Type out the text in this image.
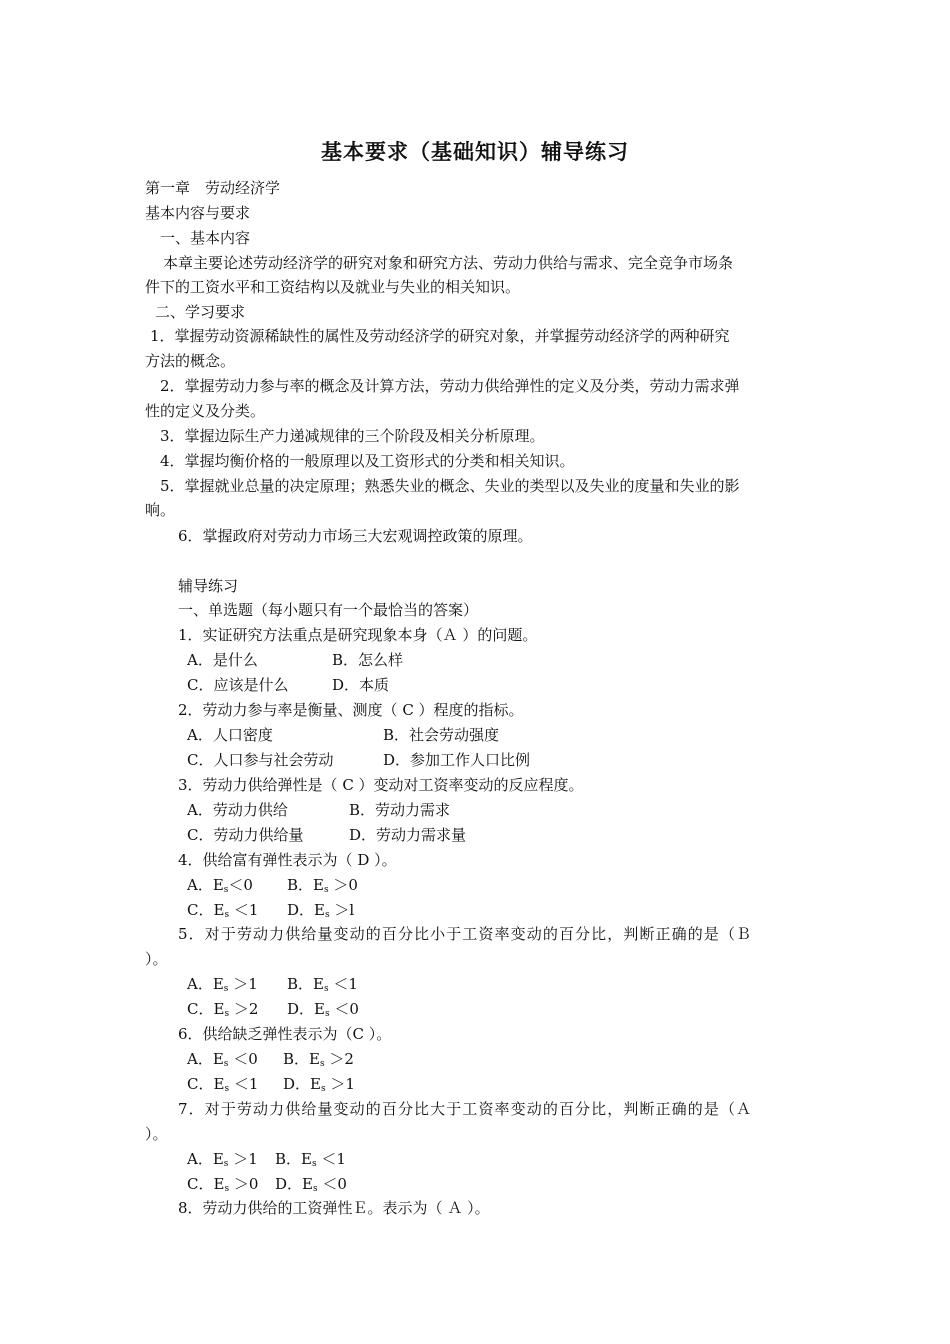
基本要求（基础知识）辅导练习
第一章　劳动经济学
基本内容与要求
一、基本内容
本章主要论述劳动经济学的研究对象和研究方法、劳动力供给与需求、完全竞争市场条
件下的工资水平和工资结构以及就业与失业的相关知识。
二、学习要求
1．掌握劳动资源稀缺性的属性及劳动经济学的研究对象，并掌握劳动经济学的两种研究
方法的概念。
2．掌握劳动力参与率的概念及计算方法，劳动力供给弹性的定义及分类，劳动力需求弹
性的定义及分类。
3．掌握边际生产力递减规律的三个阶段及相关分析原理。
4．掌握均衡价格的一般原理以及工资形式的分类和相关知识。
5．掌握就业总量的决定原理；熟悉失业的概念、失业的类型以及失业的度量和失业的影
响。
6．掌握政府对劳动力市场三大宏观调控政策的原理。
辅导练习
一、单选题（每小题只有一个最恰当的答案）
1．实证研究方法重点是研究现象本身（Ａ ）的问题。
A．是什么	B．怎么样
C．应该是什么	D．本质
2．劳动力参与率是衡量、测度（ C ）程度的指标。
A．人口密度	B．社会劳动强度
C．人口参与社会劳动	D．参加工作人口比例
3．劳动力供给弹性是（ C ）变动对工资率变动的反应程度。
A．劳动力供给	B．劳动力需求
C．劳动力供给量	D．劳动力需求量
4．供给富有弹性表示为（ D ）。
A．$E_s<0$ B．$E_s >0$
C．$E_s <1$ D．$E_s >l$
5．对于劳动力供给量变动的百分比小于工资率变动的百分比，判断正确的是（Ｂ
）。
A．$E_s >1$ B．$E_s <1$
C．$E_s >2$ D．$E_s <0$
6．供给缺乏弹性表示为（C ）。
A．$E_s <0$ B．$E_s >2$
C．$E_s <1$ D．$E_s >1$
7．对于劳动力供给量变动的百分比大于工资率变动的百分比，判断正确的是（Ａ
）。
A．$E_s >1$ B．$E_s <1$
C．$E_s >0$ D．$E_s <0$
8．劳动力供给的工资弹性Ｅ。表示为（ Ａ ）。
